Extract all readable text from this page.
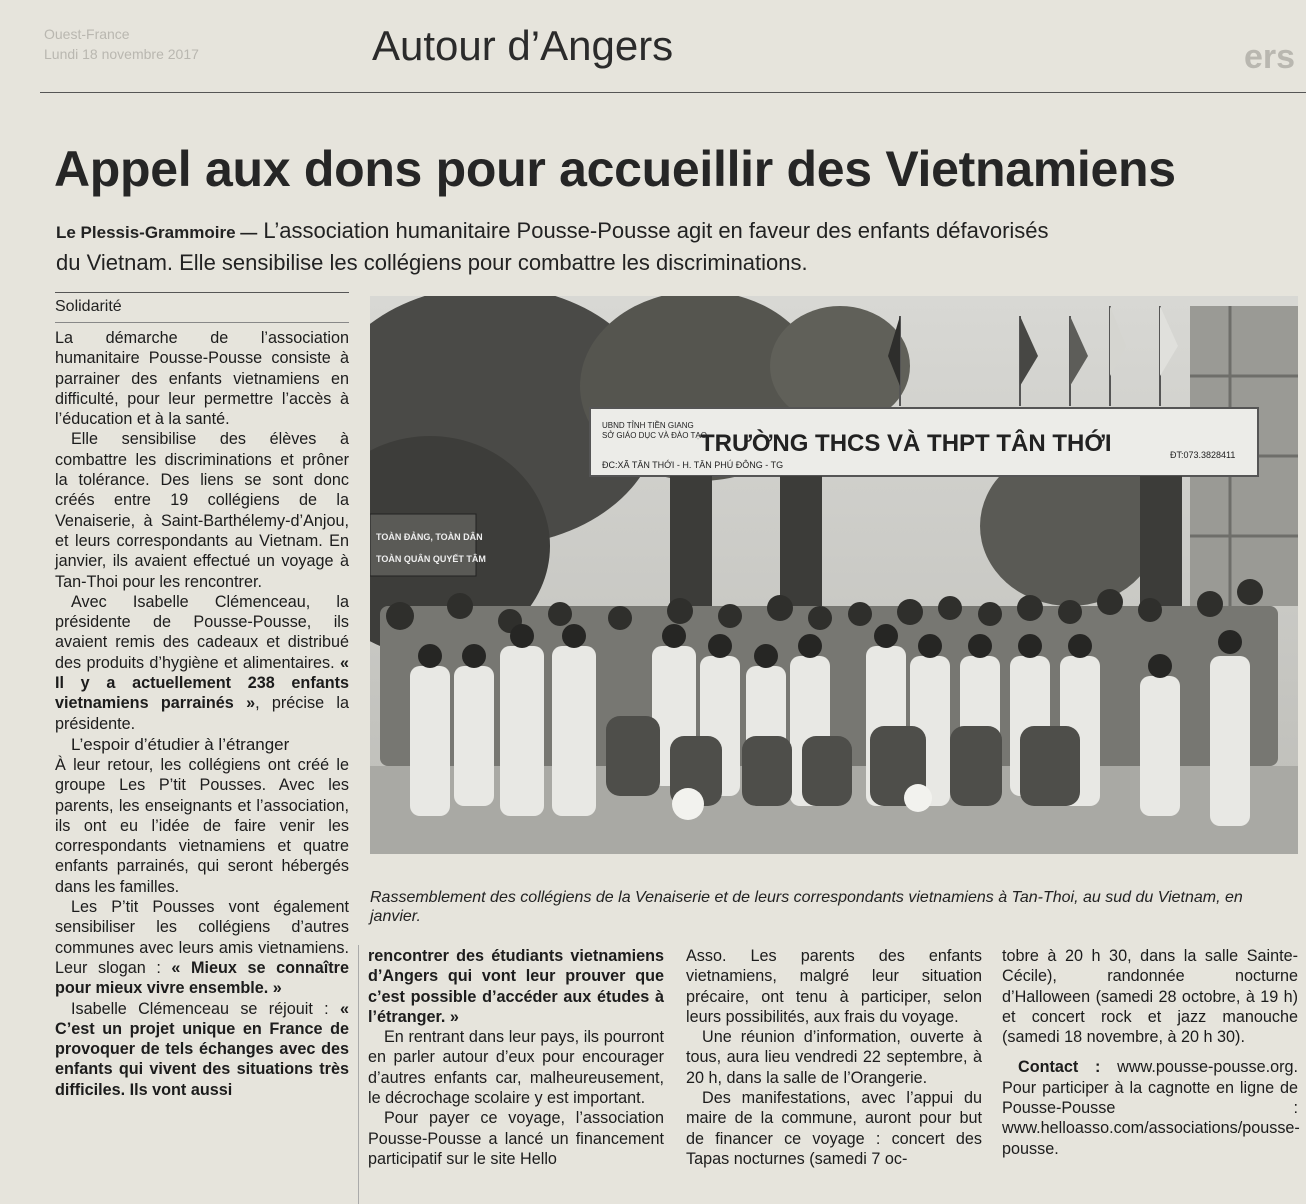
Ouest-France
Lundi 18 novembre 2017	Autour d’Angers	ers
Appel aux dons pour accueillir des Vietnamiens
Le Plessis-Grammoire — L’association humanitaire Pousse-Pousse agit en faveur des enfants défavorisés du Vietnam. Elle sensibilise les collégiens pour combattre les discriminations.
Solidarité

La démarche de l’association humanitaire Pousse-Pousse consiste à parrainer des enfants vietnamiens en difficulté, pour leur permettre l’accès à l’éducation et à la santé.

Elle sensibilise des élèves à combattre les discriminations et prôner la tolérance. Des liens se sont donc créés entre 19 collégiens de la Venaiserie, à Saint-Barthélemy-d’Anjou, et leurs correspondants au Vietnam. En janvier, ils avaient effectué un voyage à Tan-Thoi pour les rencontrer.

Avec Isabelle Clémenceau, la présidente de Pousse-Pousse, ils avaient remis des cadeaux et distribué des produits d’hygiène et alimentaires. « Il y a actuellement 238 enfants vietnamiens parrainés », précise la présidente.

L’espoir d’étudier à l’étranger

À leur retour, les collégiens ont créé le groupe Les P’tit Pousses. Avec les parents, les enseignants et l’association, ils ont eu l’idée de faire venir les correspondants vietnamiens et quatre enfants parrainés, qui seront hébergés dans les familles.

Les P’tit Pousses vont également sensibiliser les collégiens d’autres communes avec leurs amis vietnamiens. Leur slogan : « Mieux se connaître pour mieux vivre ensemble. »

Isabelle Clémenceau se réjouit : « C’est un projet unique en France de provoquer de tels échanges avec des enfants qui vivent des situations très difficiles. Ils vont aussi

UBND TỈNH TIỀN GIANG
SỞ GIÁO DỤC VÀ ĐÀO TẠO
TRƯỜNG THCS VÀ THPT TÂN THỚI
ĐC:XÃ TÂN THỚI - H. TÂN PHÚ ĐÔNG - TG
ĐT:073.3828411
TOÀN ĐẢNG, TOÀN DÂN
TOÀN QUÂN QUYẾT TÂM
Rassemblement des collégiens de la Venaiserie et de leurs correspondants vietnamiens à Tan-Thoi, au sud du Vietnam, en janvier.

rencontrer des étudiants vietnamiens d’Angers qui vont leur prouver que c’est possible d’accéder aux études à l’étranger. »

En rentrant dans leur pays, ils pourront en parler autour d’eux pour encourager d’autres enfants car, malheureusement, le décrochage scolaire y est important.

Pour payer ce voyage, l’association Pousse-Pousse a lancé un financement participatif sur le site Hello

Asso. Les parents des enfants vietnamiens, malgré leur situation précaire, ont tenu à participer, selon leurs possibilités, aux frais du voyage.

Une réunion d’information, ouverte à tous, aura lieu vendredi 22 septembre, à 20 h, dans la salle de l’Orangerie.

Des manifestations, avec l’appui du maire de la commune, auront pour but de financer ce voyage : concert des Tapas nocturnes (samedi 7 oc-

tobre à 20 h 30, dans la salle Sainte-Cécile), randonnée nocturne d’Halloween (samedi 28 octobre, à 19 h) et concert rock et jazz manouche (samedi 18 novembre, à 20 h 30).

Contact : www.pousse-pousse.org. Pour participer à la cagnotte en ligne de Pousse-Pousse : www.helloasso.com/associations/pousse-pousse.
